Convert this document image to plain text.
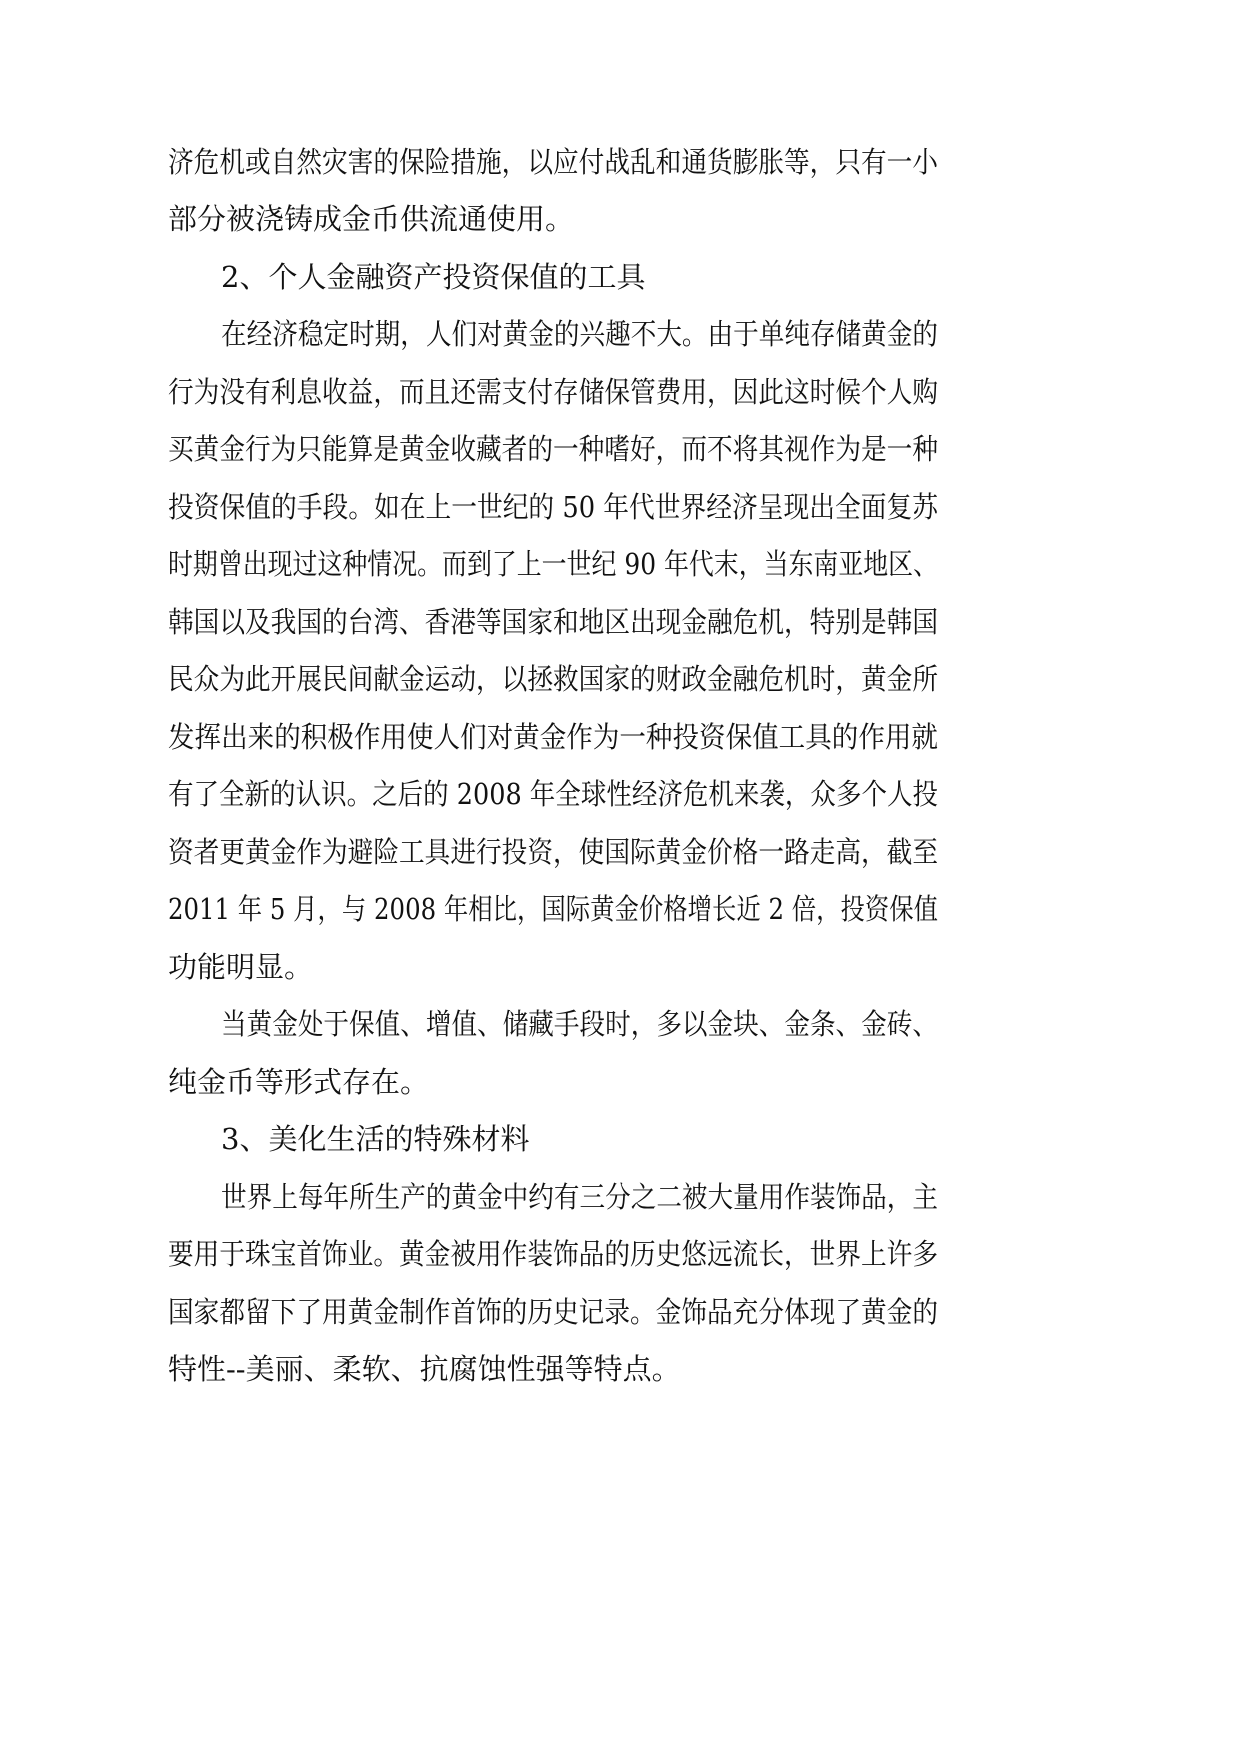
济危机或自然灾害的保险措施，以应付战乱和通货膨胀等，只有一小
部分被浇铸成金币供流通使用。
2、个人金融资产投资保值的工具
在经济稳定时期，人们对黄金的兴趣不大。由于单纯存储黄金的
行为没有利息收益，而且还需支付存储保管费用，因此这时候个人购
买黄金行为只能算是黄金收藏者的一种嗜好，而不将其视作为是一种
投资保值的手段。如在上一世纪的 50 年代世界经济呈现出全面复苏
时期曾出现过这种情况。而到了上一世纪 90 年代末，当东南亚地区、
韩国以及我国的台湾、香港等国家和地区出现金融危机，特别是韩国
民众为此开展民间献金运动，以拯救国家的财政金融危机时，黄金所
发挥出来的积极作用使人们对黄金作为一种投资保值工具的作用就
有了全新的认识。之后的 2008 年全球性经济危机来袭，众多个人投
资者更黄金作为避险工具进行投资，使国际黄金价格一路走高，截至
2011 年 5 月，与 2008 年相比，国际黄金价格增长近 2 倍，投资保值
功能明显。
当黄金处于保值、增值、储藏手段时，多以金块、金条、金砖、
纯金币等形式存在。
3、美化生活的特殊材料
世界上每年所生产的黄金中约有三分之二被大量用作装饰品，主
要用于珠宝首饰业。黄金被用作装饰品的历史悠远流长，世界上许多
国家都留下了用黄金制作首饰的历史记录。金饰品充分体现了黄金的
特性--美丽、柔软、抗腐蚀性强等特点。
